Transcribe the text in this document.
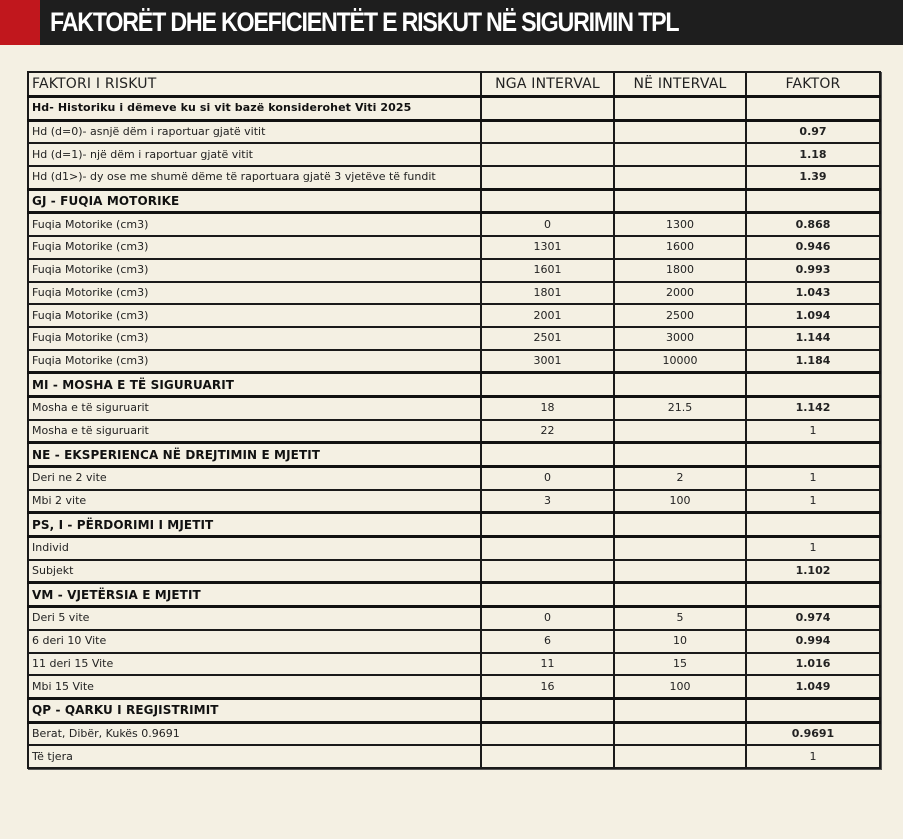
FAKTORËT DHE KOEFICIENTËT E RISKUT NË SIGURIMIN TPL
FAKTORI I RISKUT	NGA INTERVAL	NË INTERVAL	FAKTOR
Hd- Historiku i dëmeve ku si vit bazë konsiderohet Viti 2025			
Hd (d=0)- asnjë dëm i raportuar gjatë vitit			0.97
Hd (d=1)- një dëm i raportuar gjatë vitit			1.18
Hd (d1>)- dy ose me shumë dëme të raportuara gjatë 3 vjetëve të fundit			1.39
GJ - FUQIA MOTORIKE			
Fuqia Motorike (cm3)	0	1300	0.868
Fuqia Motorike (cm3)	1301	1600	0.946
Fuqia Motorike (cm3)	1601	1800	0.993
Fuqia Motorike (cm3)	1801	2000	1.043
Fuqia Motorike (cm3)	2001	2500	1.094
Fuqia Motorike (cm3)	2501	3000	1.144
Fuqia Motorike (cm3)	3001	10000	1.184
MI - MOSHA E TË SIGURUARIT			
Mosha e të siguruarit	18	21.5	1.142
Mosha e të siguruarit	22		1
NE - EKSPERIENCA NË DREJTIMIN E MJETIT			
Deri ne 2 vite	0	2	1
Mbi 2 vite	3	100	1
PS, I - PËRDORIMI I MJETIT			
Individ			1
Subjekt			1.102
VM - VJETËRSIA E MJETIT			
Deri 5 vite	0	5	0.974
6 deri 10 Vite	6	10	0.994
11 deri 15 Vite	11	15	1.016
Mbi 15 Vite	16	100	1.049
QP - QARKU I REGJISTRIMIT			
Berat, Dibër, Kukës 0.9691			0.9691
Të tjera			1
